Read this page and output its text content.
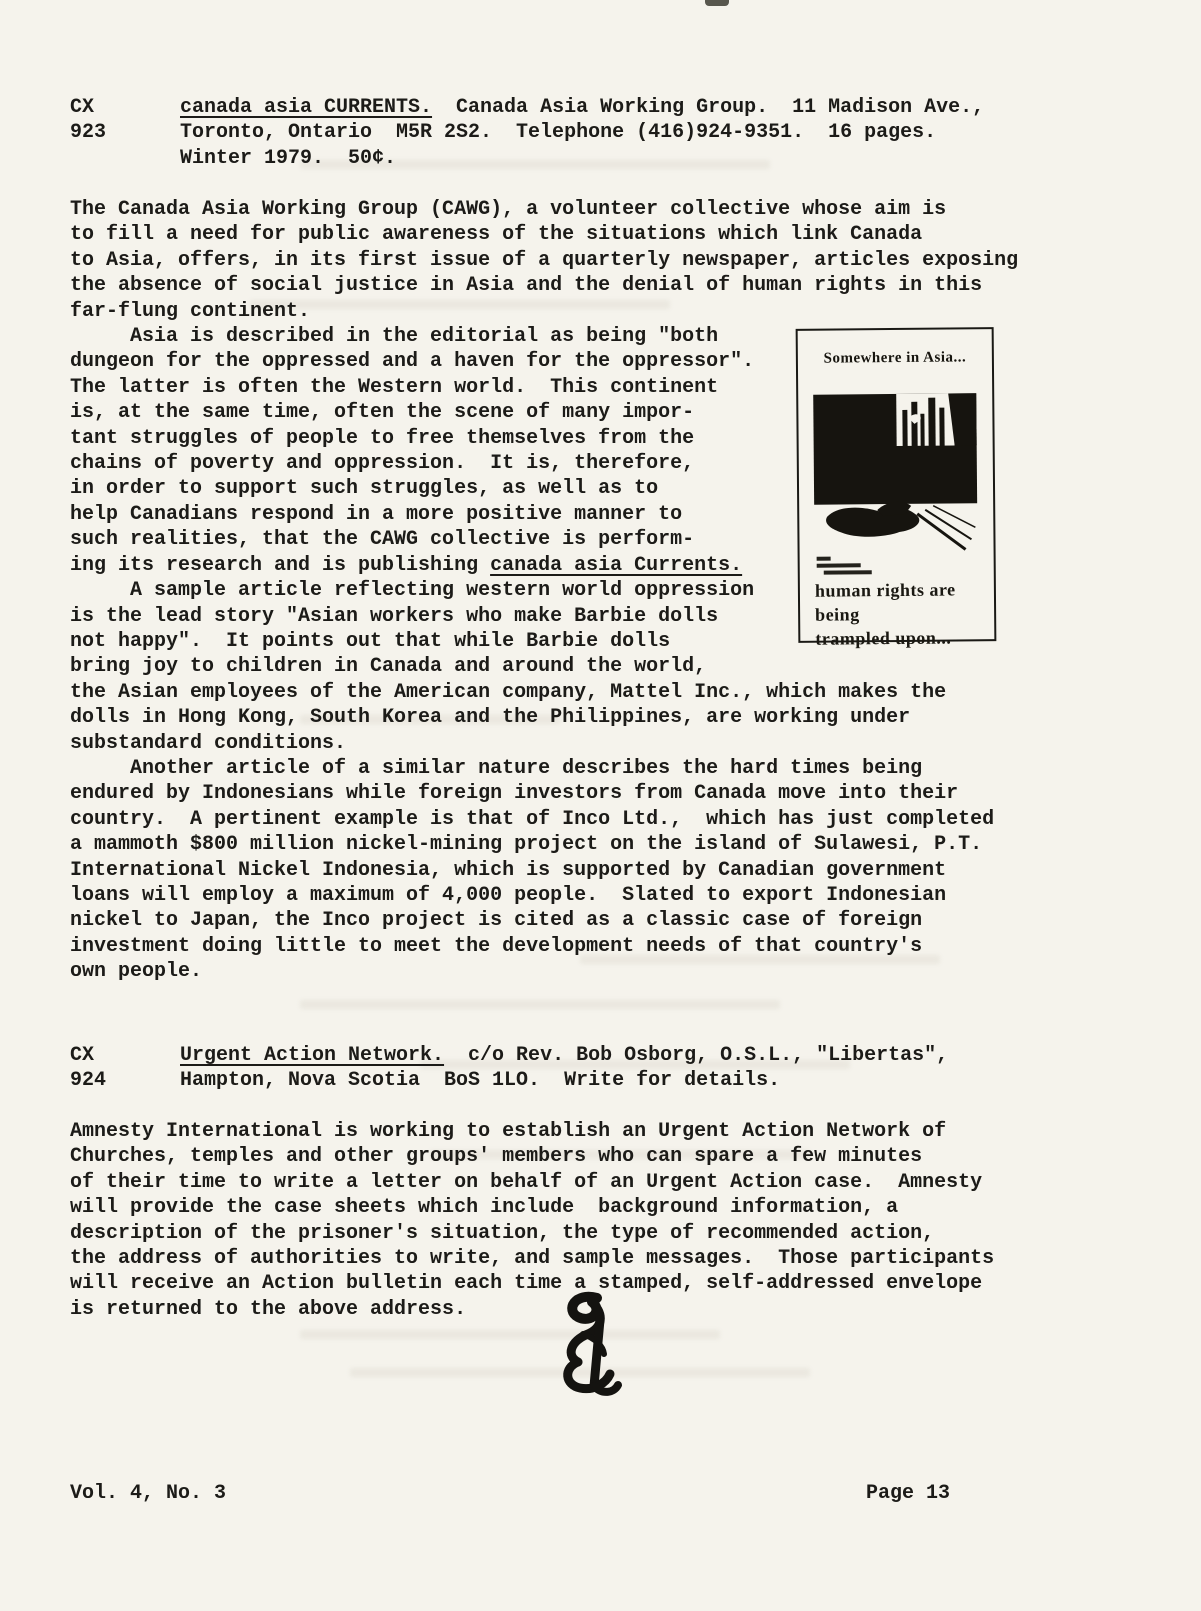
CX
923
canada asia CURRENTS.  Canada Asia Working Group.  11 Madison Ave.,
Toronto, Ontario  M5R 2S2.  Telephone (416)924-9351.  16 pages.
Winter 1979.  50¢.
The Canada Asia Working Group (CAWG), a volunteer collective whose aim is
to fill a need for public awareness of the situations which link Canada
to Asia, offers, in its first issue of a quarterly newspaper, articles exposing
the absence of social justice in Asia and the denial of human rights in this
far-flung continent.
Asia is described in the editorial as being "both
dungeon for the oppressed and a haven for the oppressor".
The latter is often the Western world.  This continent
is, at the same time, often the scene of many impor-
tant struggles of people to free themselves from the
chains of poverty and oppression.  It is, therefore,
in order to support such struggles, as well as to
help Canadians respond in a more positive manner to
such realities, that the CAWG collective is perform-
ing its research and is publishing canada asia Currents.
A sample article reflecting western world oppression
is the lead story "Asian workers who make Barbie dolls
not happy".  It points out that while Barbie dolls
bring joy to children in Canada and around the world,
the Asian employees of the American company, Mattel Inc., which makes the
dolls in Hong Kong, South Korea and the Philippines, are working under
substandard conditions.
Another article of a similar nature describes the hard times being
endured by Indonesians while foreign investors from Canada move into their
country.  A pertinent example is that of Inco Ltd.,  which has just completed
a mammoth $800 million nickel-mining project on the island of Sulawesi, P.T.
International Nickel Indonesia, which is supported by Canadian government
loans will employ a maximum of 4,000 people.  Slated to export Indonesian
nickel to Japan, the Inco project is cited as a classic case of foreign
investment doing little to meet the development needs of that country's
own people.
Somewhere in Asia...
human rights are being
trampled upon...
CX
924
Urgent Action Network.  c/o Rev. Bob Osborg, O.S.L., "Libertas",
Hampton, Nova Scotia  BoS 1LO.  Write for details.
Amnesty International is working to establish an Urgent Action Network of
Churches, temples and other groups' members who can spare a few minutes
of their time to write a letter on behalf of an Urgent Action case.  Amnesty
will provide the case sheets which include  background information, a
description of the prisoner's situation, the type of recommended action,
the address of authorities to write, and sample messages.  Those participants
will receive an Action bulletin each time a stamped, self-addressed envelope
is returned to the above address.
Vol. 4, No. 3	Page 13
